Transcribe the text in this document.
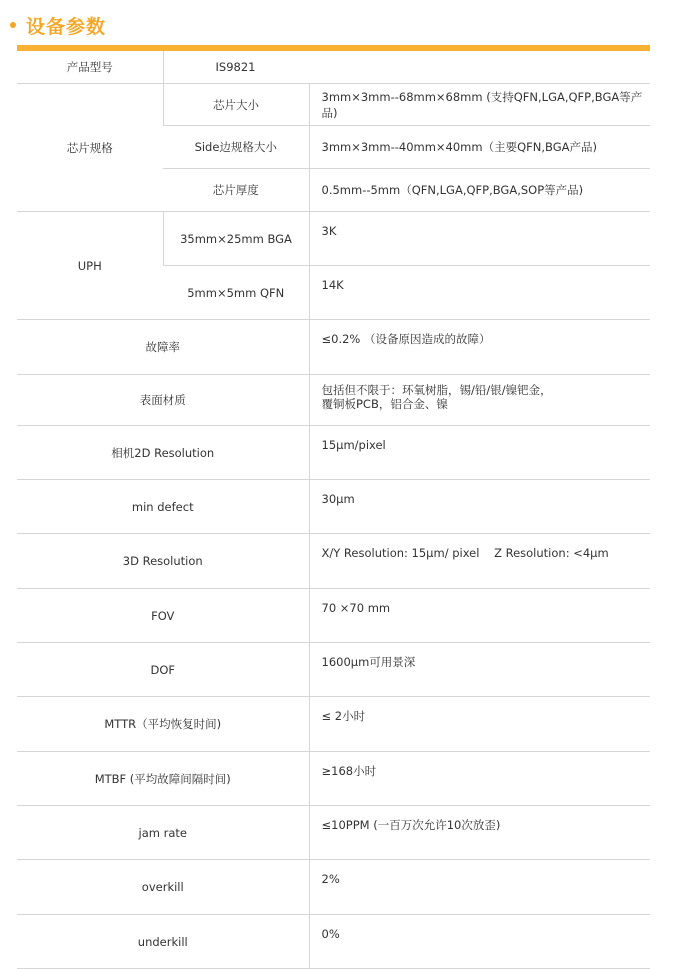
设备参数
产品型号	IS9821	
芯片规格	芯片大小	3mm×3mm--68mm×68mm (支持QFN,LGA,QFP,BGA等产品)
	Side边规格大小	3mm×3mm--40mm×40mm（主要QFN,BGA产品)
	芯片厚度	0.5mm--5mm（QFN,LGA,QFP,BGA,SOP等产品)
UPH	35mm×25mm BGA	3K
	5mm×5mm QFN	14K
故障率		≤0.2% （设备原因造成的故障）
表面材质		包括但不限于：环氧树脂，锡/铅/银/镍钯金，
覆铜板PCB，铝合金、镍

相机2D Resolution		15μm/pixel
min defect		30μm
3D Resolution		X/Y Resolution: 15μm/ pixel    Z Resolution: <4μm
FOV		70 ×70 mm
DOF		1600μm可用景深
MTTR（平均恢复时间)		≤ 2小时
MTBF (平均故障间隔时间)		≥168小时
jam rate		≤10PPM (一百万次允许10次放歪)
overkill		2%
underkill		0%
